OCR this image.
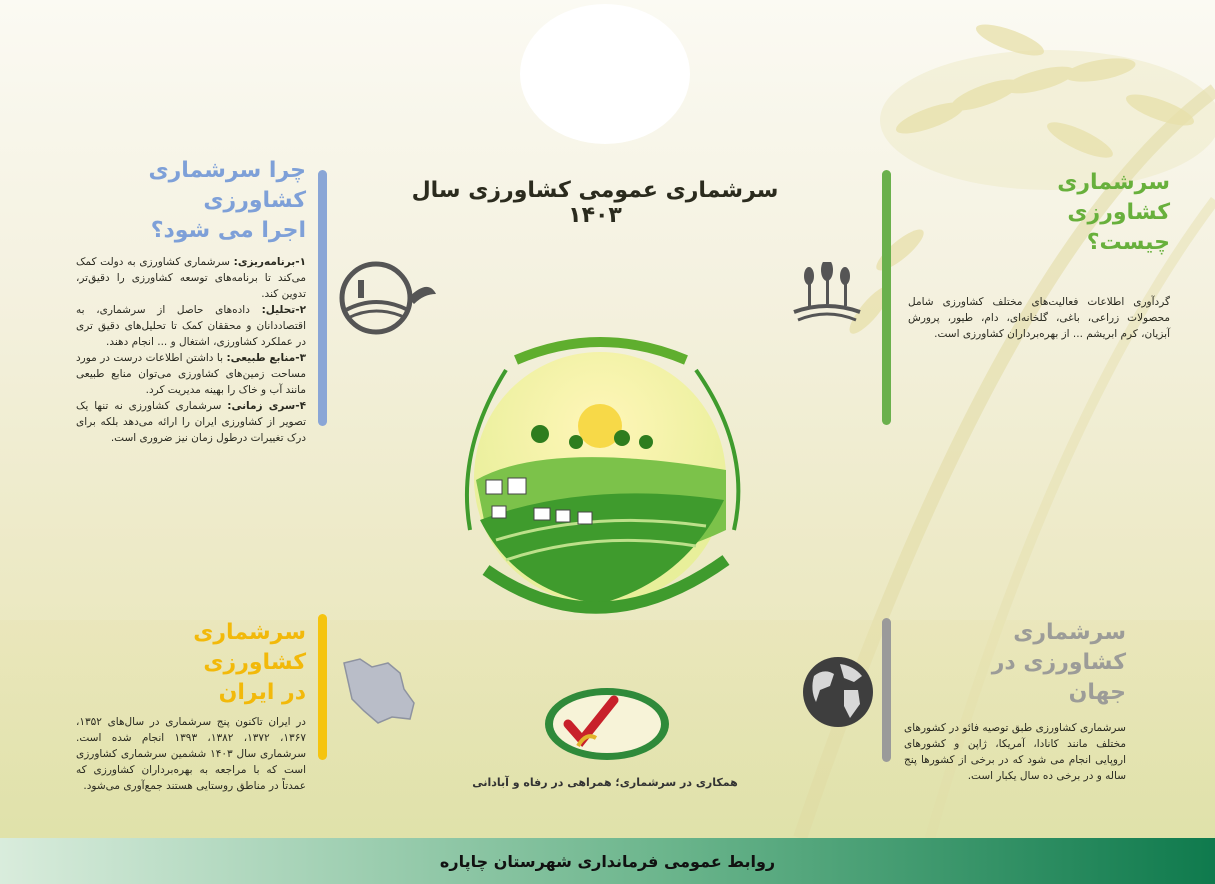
سرشماری عمومی کشاورزی سال ۱۴۰۳
چرا سرشماری کشاورزی
اجرا می شود؟
۱-برنامه‌ریزی: سرشماری کشاورزی به دولت کمک می‌کند تا برنامه‌های توسعه کشاورزی را دقیق‌تر، تدوین کند.
۲-تحلیل: داده‌های حاصل از سرشماری، به اقتصاددانان و محققان کمک تا تحلیل‌های دقیق تری در عملکرد کشاورزی، اشتغال و ... انجام دهند.
۳-منابع طبیعی: با داشتن اطلاعات درست در مورد مساحت زمین‌های کشاورزی می‌توان منابع طبیعی مانند آب و خاک را بهینه مدیریت کرد.
۴-سری زمانی: سرشماری کشاورزی نه تنها یک تصویر از کشاورزی ایران را ارائه می‌دهد بلکه برای درک تغییرات درطول زمان نیز ضروری است.
سرشماری کشاورزی
چیست؟
گردآوری اطلاعات فعالیت‌های مختلف کشاورزی شامل محصولات زراعی، باغی، گلخانه‌ای، دام، طیور، پرورش آبزیان، کرم ابریشم ... از بهره‌برداران کشاورزی است.
سرشماری کشاورزی
در ایران
در ایران تاکنون پنج سرشماری در سال‌های ۱۳۵۲، ۱۳۶۷، ۱۳۷۲، ۱۳۸۲، ۱۳۹۳ انجام شده است. سرشماری سال ۱۴۰۳ ششمین سرشماری کشاورزی است که با مراجعه به بهره‌برداران کشاورزی که عمدتاً در مناطق روستایی هستند جمع‌آوری می‌شود.
سرشماری کشاورزی در
جهان
سرشماری کشاورزی طبق توصیه فائو در کشورهای مختلف مانند کانادا، آمریکا، ژاپن و کشورهای اروپایی انجام می شود که در برخی از کشورها پنج ساله و در برخی ده سال یکبار است.
همکاری در سرشماری؛ همراهی در رفاه و آبادانی
روابط عمومی فرمانداری شهرستان چاپاره
